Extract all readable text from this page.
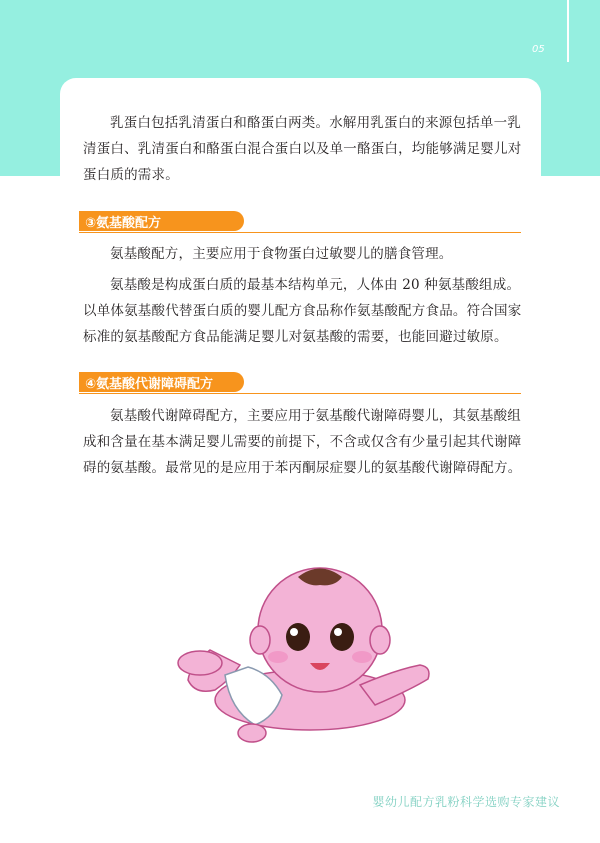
05

乳蛋白包括乳清蛋白和酪蛋白两类。水解用乳蛋白的来源包括单一乳清蛋白、乳清蛋白和酪蛋白混合蛋白以及单一酪蛋白，均能够满足婴儿对蛋白质的需求。

③氨基酸配方

氨基酸配方，主要应用于食物蛋白过敏婴儿的膳食管理。

氨基酸是构成蛋白质的最基本结构单元，人体由 20 种氨基酸组成。以单体氨基酸代替蛋白质的婴儿配方食品称作氨基酸配方食品。符合国家标准的氨基酸配方食品能满足婴儿对氨基酸的需要，也能回避过敏原。

④氨基酸代谢障碍配方

氨基酸代谢障碍配方，主要应用于氨基酸代谢障碍婴儿，其氨基酸组成和含量在基本满足婴儿需要的前提下，不含或仅含有少量引起其代谢障碍的氨基酸。最常见的是应用于苯丙酮尿症婴儿的氨基酸代谢障碍配方。

婴幼儿配方乳粉科学选购专家建议
